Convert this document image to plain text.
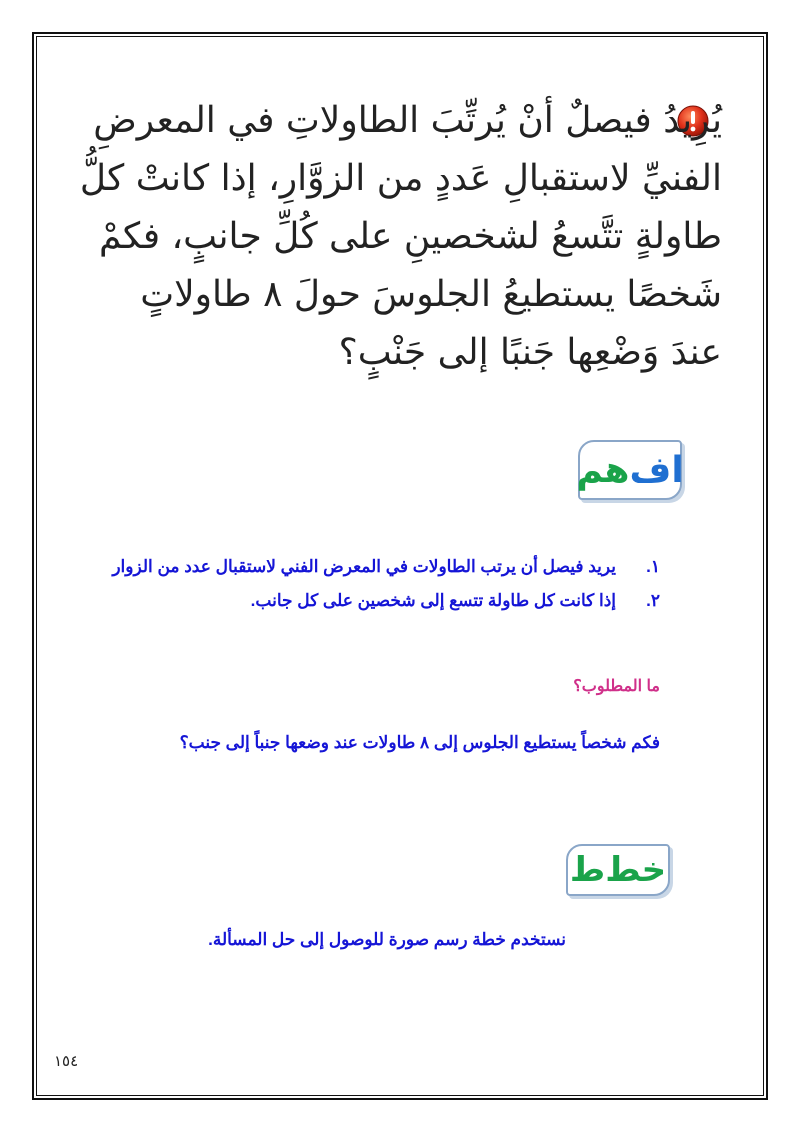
يُرِيدُ فيصلٌ أنْ يُرتِّبَ الطاولاتِ في المعرضِ

الفنيِّ لاستقبالِ عَددٍ من الزوَّارِ، إذا كانتْ كلُّ

طاولةٍ تتَّسعُ لشخصينِ على كُلِّ جانبٍ، فكمْ

شَخصًا يستطيعُ الجلوسَ حولَ ٨ طاولاتٍ

عندَ وَضْعِها جَنبًا إلى جَنْبٍ؟

اف
هم
١.
يريد فيصل أن يرتب الطاولات في المعرض الفني لاستقبال عدد من الزوار
٢.
إذا كانت كل طاولة تتسع إلى شخصين على كل جانب.
ما المطلوب؟
فكم شخصاً يستطيع الجلوس إلى ٨ طاولات عند وضعها جنباً إلى جنب؟
خط
ط
نستخدم خطة رسم صورة للوصول إلى حل المسألة.
١٥٤
